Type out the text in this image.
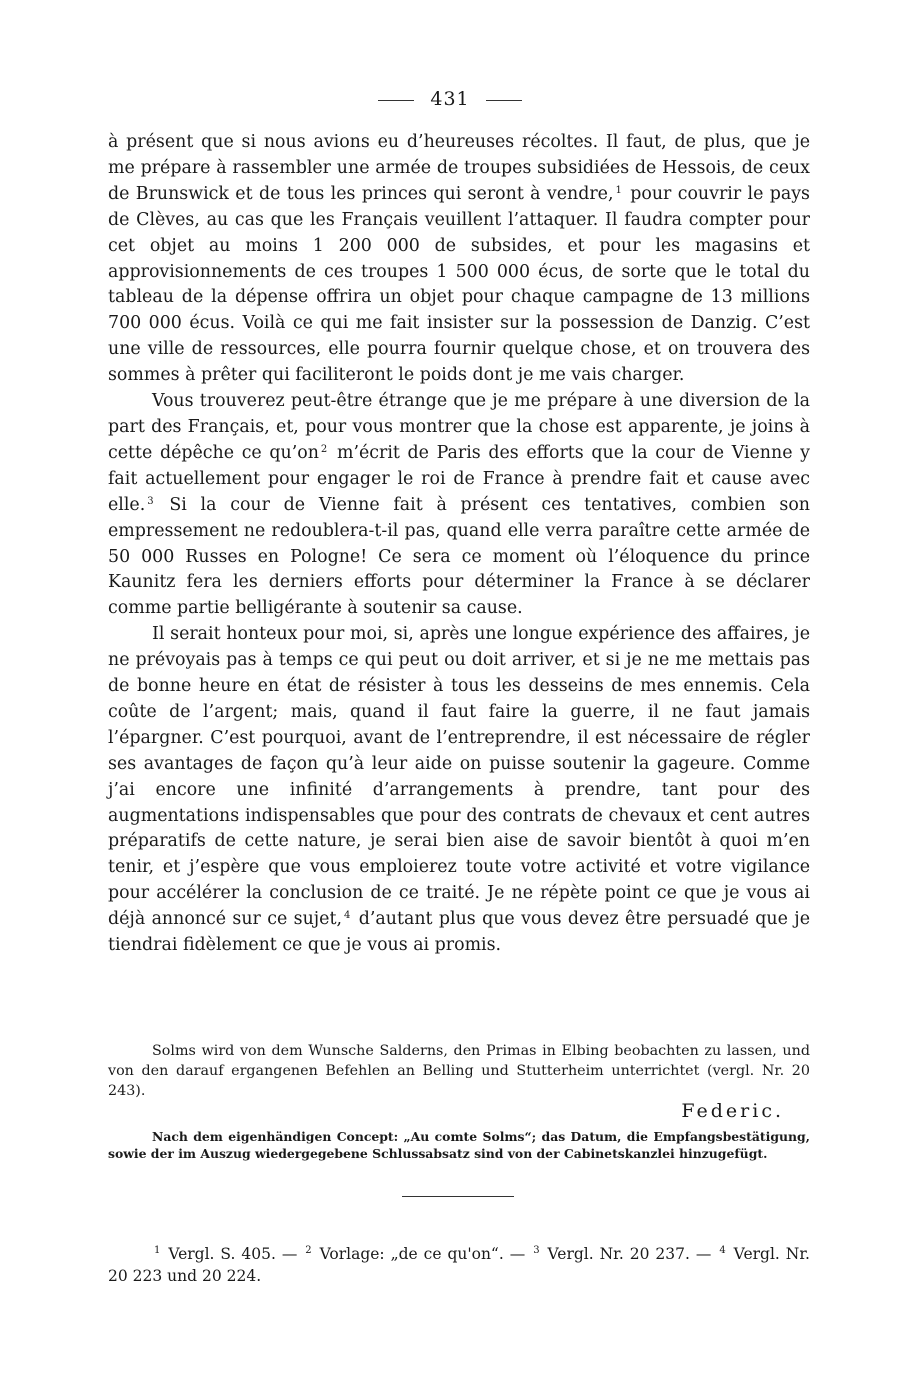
431

à présent que si nous avions eu d’heureuses récoltes. Il faut, de plus, que je me prépare à rassembler une armée de troupes subsidiées de Hessois, de ceux de Brunswick et de tous les princes qui seront à vendre, $^1$ pour couvrir le pays de Clèves, au cas que les Français veuillent l’attaquer. Il faudra compter pour cet objet au moins 1 200 000 de subsides, et pour les magasins et approvisionnements de ces troupes 1 500 000 écus, de sorte que le total du tableau de la dépense offrira un objet pour chaque campagne de 13 millions 700 000 écus. Voilà ce qui me fait insister sur la possession de Danzig. C’est une ville de ressources, elle pourra fournir quelque chose, et on trouvera des sommes à prêter qui faciliteront le poids dont je me vais charger.

Vous trouverez peut-être étrange que je me prépare à une diversion de la part des Français, et, pour vous montrer que la chose est apparente, je joins à cette dépêche ce qu’on $^2$ m’écrit de Paris des efforts que la cour de Vienne y fait actuellement pour engager le roi de France à prendre fait et cause avec elle. $^3$ Si la cour de Vienne fait à présent ces tentatives, combien son empressement ne redoublera-t-il pas, quand elle verra paraître cette armée de 50 000 Russes en Pologne! Ce sera ce moment où l’éloquence du prince Kaunitz fera les derniers efforts pour déterminer la France à se déclarer comme partie belligérante à soutenir sa cause.

Il serait honteux pour moi, si, après une longue expérience des affaires, je ne prévoyais pas à temps ce qui peut ou doit arriver, et si je ne me mettais pas de bonne heure en état de résister à tous les desseins de mes ennemis. Cela coûte de l’argent; mais, quand il faut faire la guerre, il ne faut jamais l’épargner. C’est pourquoi, avant de l’entreprendre, il est nécessaire de régler ses avantages de façon qu’à leur aide on puisse soutenir la gageure. Comme j’ai encore une infinité d’arrangements à prendre, tant pour des augmentations indispensables que pour des contrats de chevaux et cent autres préparatifs de cette nature, je serai bien aise de savoir bientôt à quoi m’en tenir, et j’espère que vous emploierez toute votre activité et votre vigilance pour accélérer la conclusion de ce traité. Je ne répète point ce que je vous ai déjà annoncé sur ce sujet, $^4$ d’autant plus que vous devez être persuadé que je tiendrai fidèlement ce que je vous ai promis.

Solms wird von dem Wunsche Salderns, den Primas in Elbing beobachten zu lassen, und von den darauf ergangenen Befehlen an Belling und Stutterheim unterrichtet (vergl. Nr. 20 243).

Federic.

Nach dem eigenhändigen Concept: „Au comte Solms“; das Datum, die Empfangsbestätigung, sowie der im Auszug wiedergegebene Schlussabsatz sind von der Cabinetskanzlei hinzugefügt.

$^1$ Vergl. S. 405. — $^2$ Vorlage: „de ce qu'on“. — $^3$ Vergl. Nr. 20 237. — $^4$ Vergl. Nr. 20 223 und 20 224.
